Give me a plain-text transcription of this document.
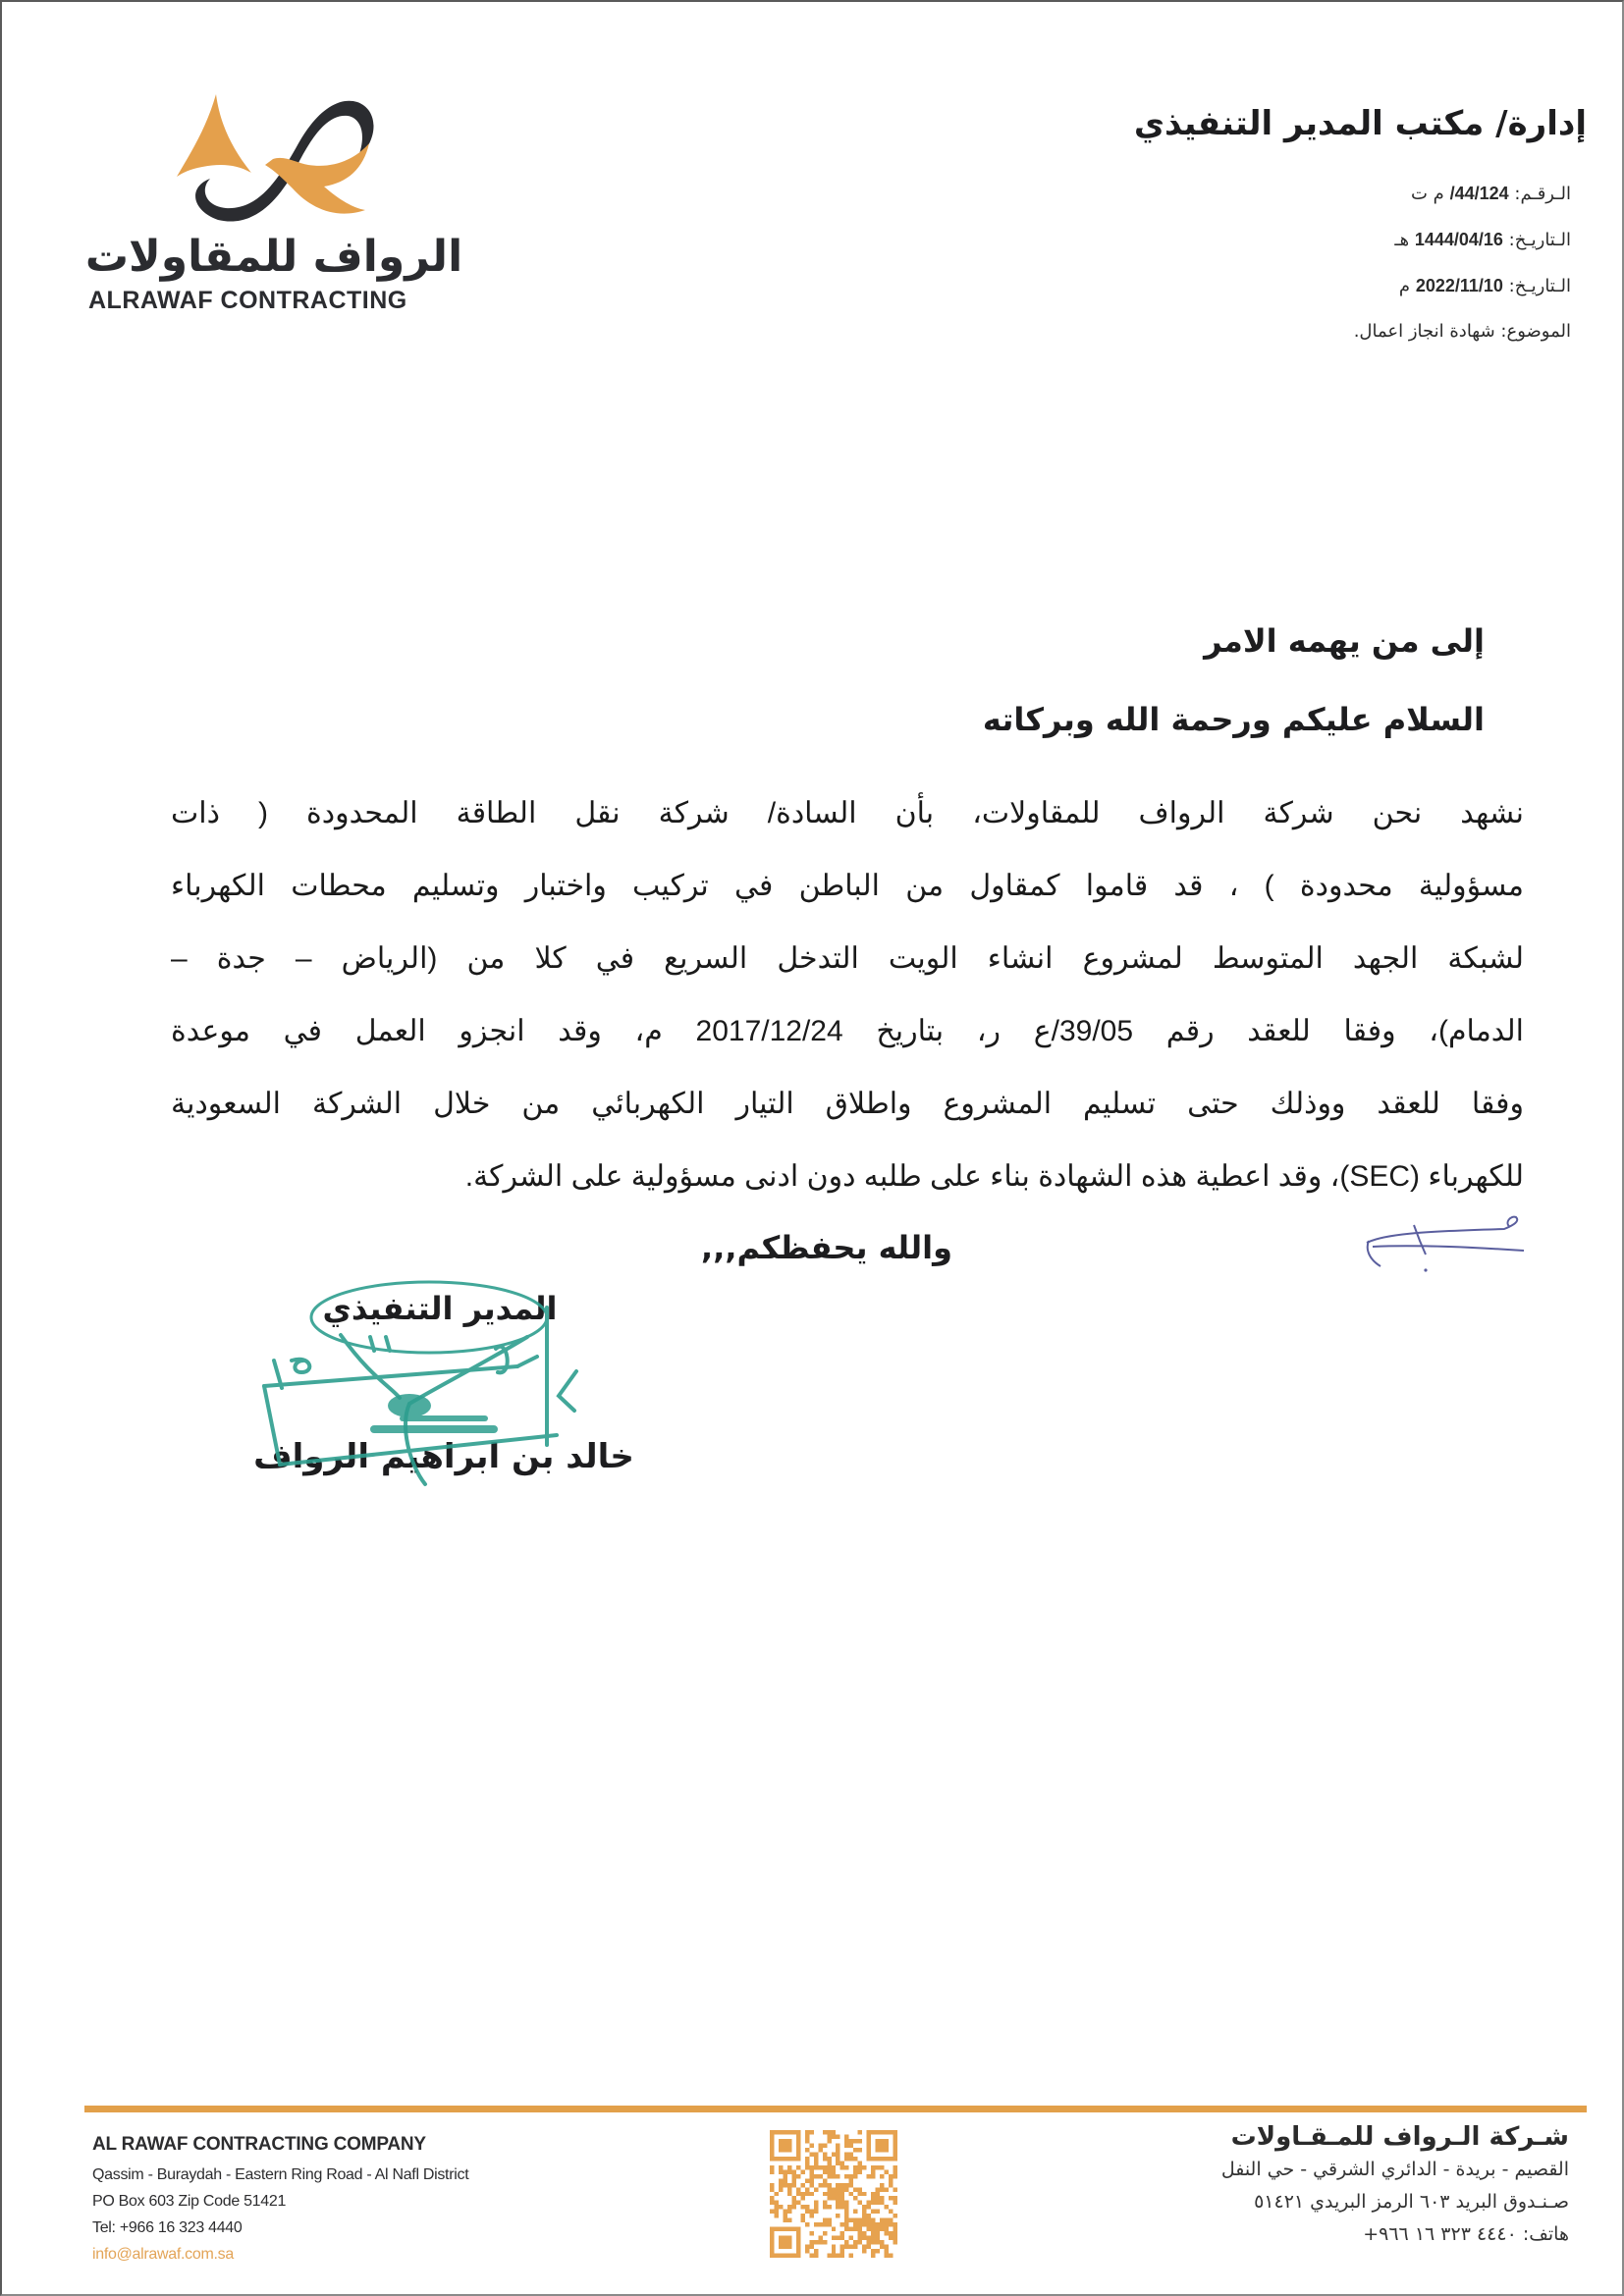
الرواف للمقاولات
ALRAWAF CONTRACTING
إدارة/ مكتب المدير التنفيذي
الـرقـم: 44/124/ م ت
الـتاريـخ: 1444/04/16 هـ
الـتاريـخ: 2022/11/10 م
الموضوع: شهادة انجاز اعمال.
إلى من يهمه الامر
السلام عليكم ورحمة الله وبركاته
نشهد نحن شركة الرواف للمقاولات، بأن السادة/ شركة نقل الطاقة المحدودة ( ذات
مسؤولية محدودة ) ، قد قاموا كمقاول من الباطن في تركيب واختبار وتسليم محطات الكهرباء
لشبكة الجهد المتوسط لمشروع انشاء الويت التدخل السريع في كلا من (الرياض – جدة –
الدمام)، وفقا للعقد رقم 39/05/ع ر، بتاريخ 2017/12/24 م، وقد انجزو العمل في موعدة
وفقا للعقد ووذلك حتى تسليم المشروع واطلاق التيار الكهربائي من خلال الشركة السعودية
للكهرباء (SEC)، وقد اعطية هذه الشهادة بناء على طلبه دون ادنى مسؤولية على الشركة.
والله يحفظكم,,,
المدير التنفيذي
خالد بن ابراهيم الرواف
AL RAWAF CONTRACTING COMPANY
Qassim - Buraydah - Eastern Ring Road - Al Nafl District
PO Box 603 Zip Code 51421
Tel: +966 16 323 4440
info@alrawaf.com.sa
شـركة الـرواف للمـقـاولات
القصيم - بريدة - الدائري الشرقي - حي النفل
صـنـدوق البريد ٦٠٣ الرمز البريدي ٥١٤٢١
هاتف: ٤٤٤٠ ٣٢٣ ١٦ ٩٦٦+
